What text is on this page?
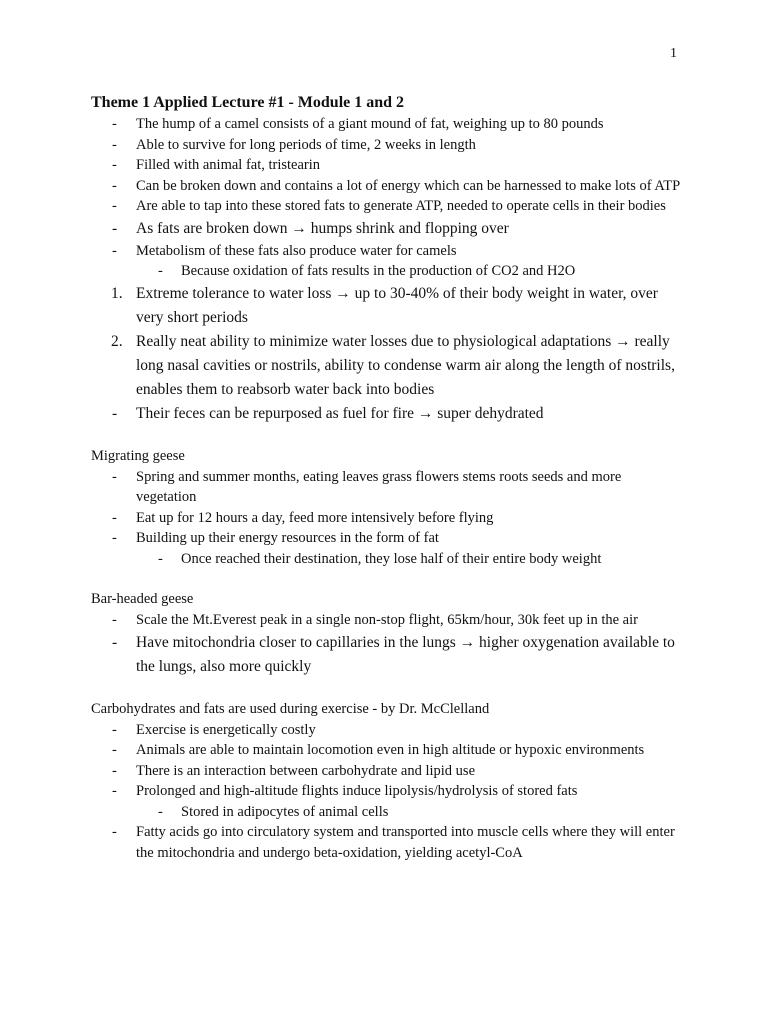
1

Theme 1 Applied Lecture #1 - Module 1 and 2

- The hump of a camel consists of a giant mound of fat, weighing up to 80 pounds
- Able to survive for long periods of time, 2 weeks in length
- Filled with animal fat, tristearin
- Can be broken down and contains a lot of energy which can be harnessed to make lots of ATP
- Are able to tap into these stored fats to generate ATP, needed to operate cells in their bodies
- As fats are broken down → humps shrink and flopping over
- Metabolism of these fats also produce water for camels
- Because oxidation of fats results in the production of CO2 and H2O
1. Extreme tolerance to water loss → up to 30-40% of their body weight in water, over very short periods
2. Really neat ability to minimize water losses due to physiological adaptations → really long nasal cavities or nostrils, ability to condense warm air along the length of nostrils, enables them to reabsorb water back into bodies
- Their feces can be repurposed as fuel for fire → super dehydrated

Migrating geese

- Spring and summer months, eating leaves grass flowers stems roots seeds and more vegetation
- Eat up for 12 hours a day, feed more intensively before flying
- Building up their energy resources in the form of fat
- Once reached their destination, they lose half of their entire body weight

Bar-headed geese

- Scale the Mt.Everest peak in a single non-stop flight, 65km/hour, 30k feet up in the air
- Have mitochondria closer to capillaries in the lungs → higher oxygenation available to the lungs, also more quickly

Carbohydrates and fats are used during exercise - by Dr. McClelland

- Exercise is energetically costly
- Animals are able to maintain locomotion even in high altitude or hypoxic environments
- There is an interaction between carbohydrate and lipid use
- Prolonged and high-altitude flights induce lipolysis/hydrolysis of stored fats
- Stored in adipocytes of animal cells
- Fatty acids go into circulatory system and transported into muscle cells where they will enter the mitochondria and undergo beta-oxidation, yielding acetyl-CoA
